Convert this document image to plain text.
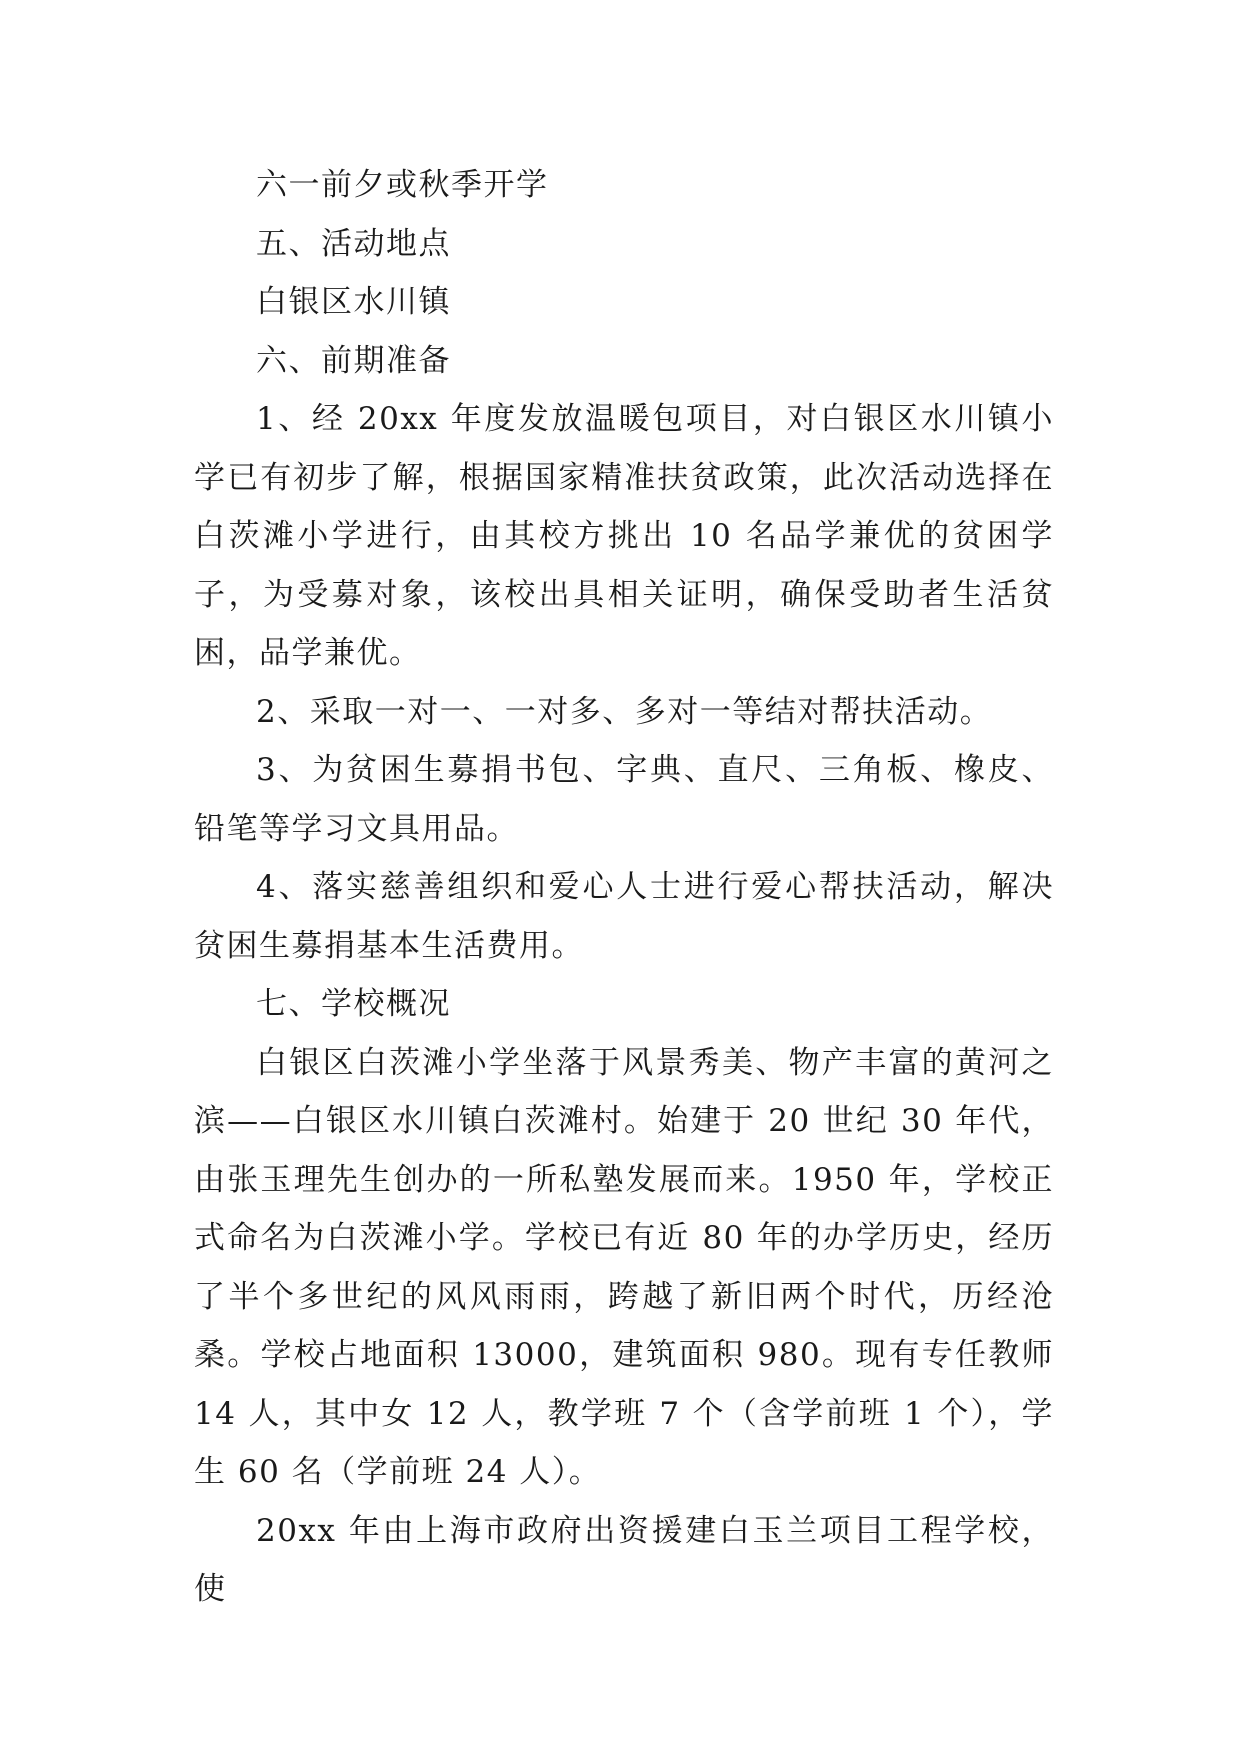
六一前夕或秋季开学

五、活动地点

白银区水川镇

六、前期准备

1、经 20xx 年度发放温暖包项目，对白银区水川镇小学已有初步了解，根据国家精准扶贫政策，此次活动选择在白茨滩小学进行，由其校方挑出 10 名品学兼优的贫困学子，为受募对象，该校出具相关证明，确保受助者生活贫困，品学兼优。

2、采取一对一、一对多、多对一等结对帮扶活动。

3、为贫困生募捐书包、字典、直尺、三角板、橡皮、铅笔等学习文具用品。

4、落实慈善组织和爱心人士进行爱心帮扶活动，解决贫困生募捐基本生活费用。

七、学校概况

白银区白茨滩小学坐落于风景秀美、物产丰富的黄河之滨——白银区水川镇白茨滩村。始建于 20 世纪 30 年代，由张玉理先生创办的一所私塾发展而来。1950 年，学校正式命名为白茨滩小学。学校已有近 80 年的办学历史，经历了半个多世纪的风风雨雨，跨越了新旧两个时代，历经沧桑。学校占地面积 13000，建筑面积 980。现有专任教师 14 人，其中女 12 人，教学班 7 个（含学前班 1 个），学生 60 名（学前班 24 人）。

20xx 年由上海市政府出资援建白玉兰项目工程学校，使
